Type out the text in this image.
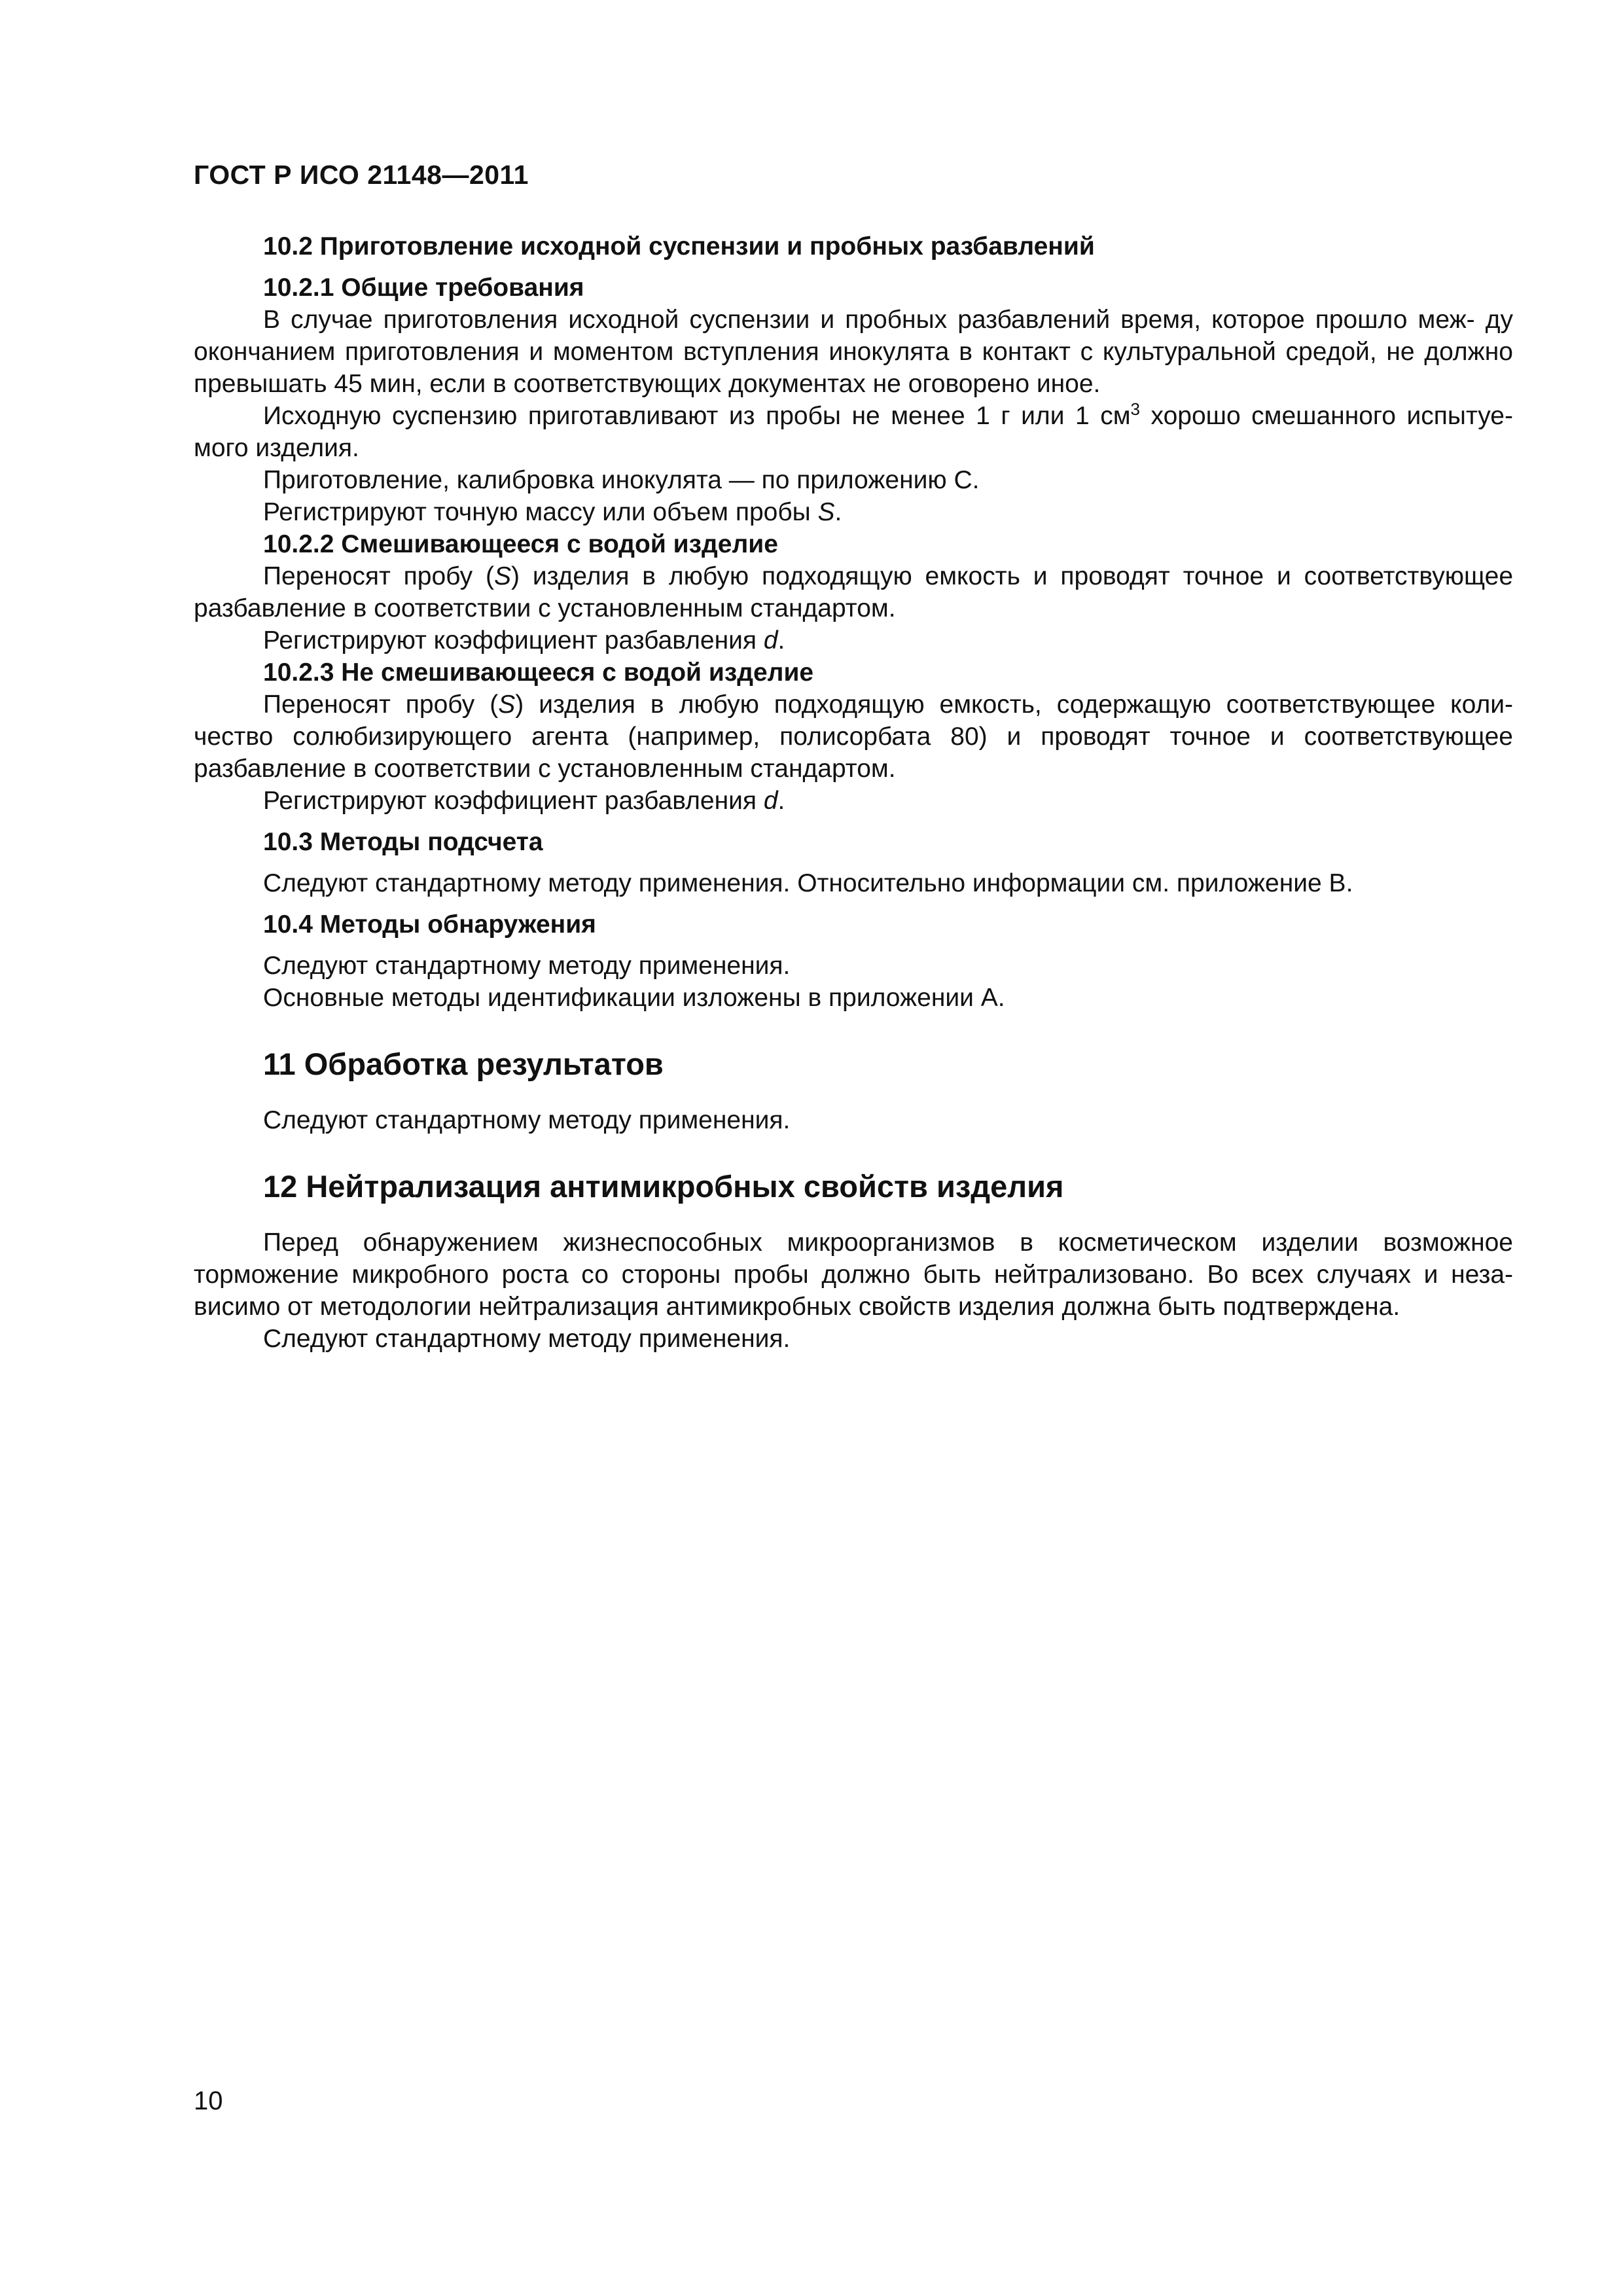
ГОСТ Р ИСО 21148—2011

10.2 Приготовление исходной суспензии и пробных разбавлений

10.2.1 Общие требования

В случае приготовления исходной суспензии и пробных разбавлений время, которое прошло меж- ду окончанием приготовления и моментом вступления инокулята в контакт с культуральной средой, не должно превышать 45 мин, если в соответствующих документах не оговорено иное.

Исходную суспензию приготавливают из пробы не менее 1 г или 1 $см^3$ хорошо смешанного испытуе- мого изделия.

Приготовление, калибровка инокулята — по приложению С.

Регистрируют точную массу или объем пробы S.

10.2.2 Смешивающееся с водой изделие

Переносят пробу (S) изделия в любую подходящую емкость и проводят точное и соответствующее разбавление в соответствии с установленным стандартом.

Регистрируют коэффициент разбавления d.

10.2.3 Не смешивающееся с водой изделие

Переносят пробу (S) изделия в любую подходящую емкость, содержащую соответствующее коли- чество солюбизирующего агента (например, полисорбата 80) и проводят точное и соответствующее разбавление в соответствии с установленным стандартом.

Регистрируют коэффициент разбавления d.

10.3 Методы подсчета

Следуют стандартному методу применения. Относительно информации см. приложение В.

10.4 Методы обнаружения

Следуют стандартному методу применения.

Основные методы идентификации изложены в приложении А.

11 Обработка результатов

Следуют стандартному методу применения.

12 Нейтрализация антимикробных свойств изделия

Перед обнаружением жизнеспособных микроорганизмов в косметическом изделии возможное торможение микробного роста со стороны пробы должно быть нейтрализовано. Во всех случаях и неза- висимо от методологии нейтрализация антимикробных свойств изделия должна быть подтверждена.

Следуют стандартному методу применения.

10
